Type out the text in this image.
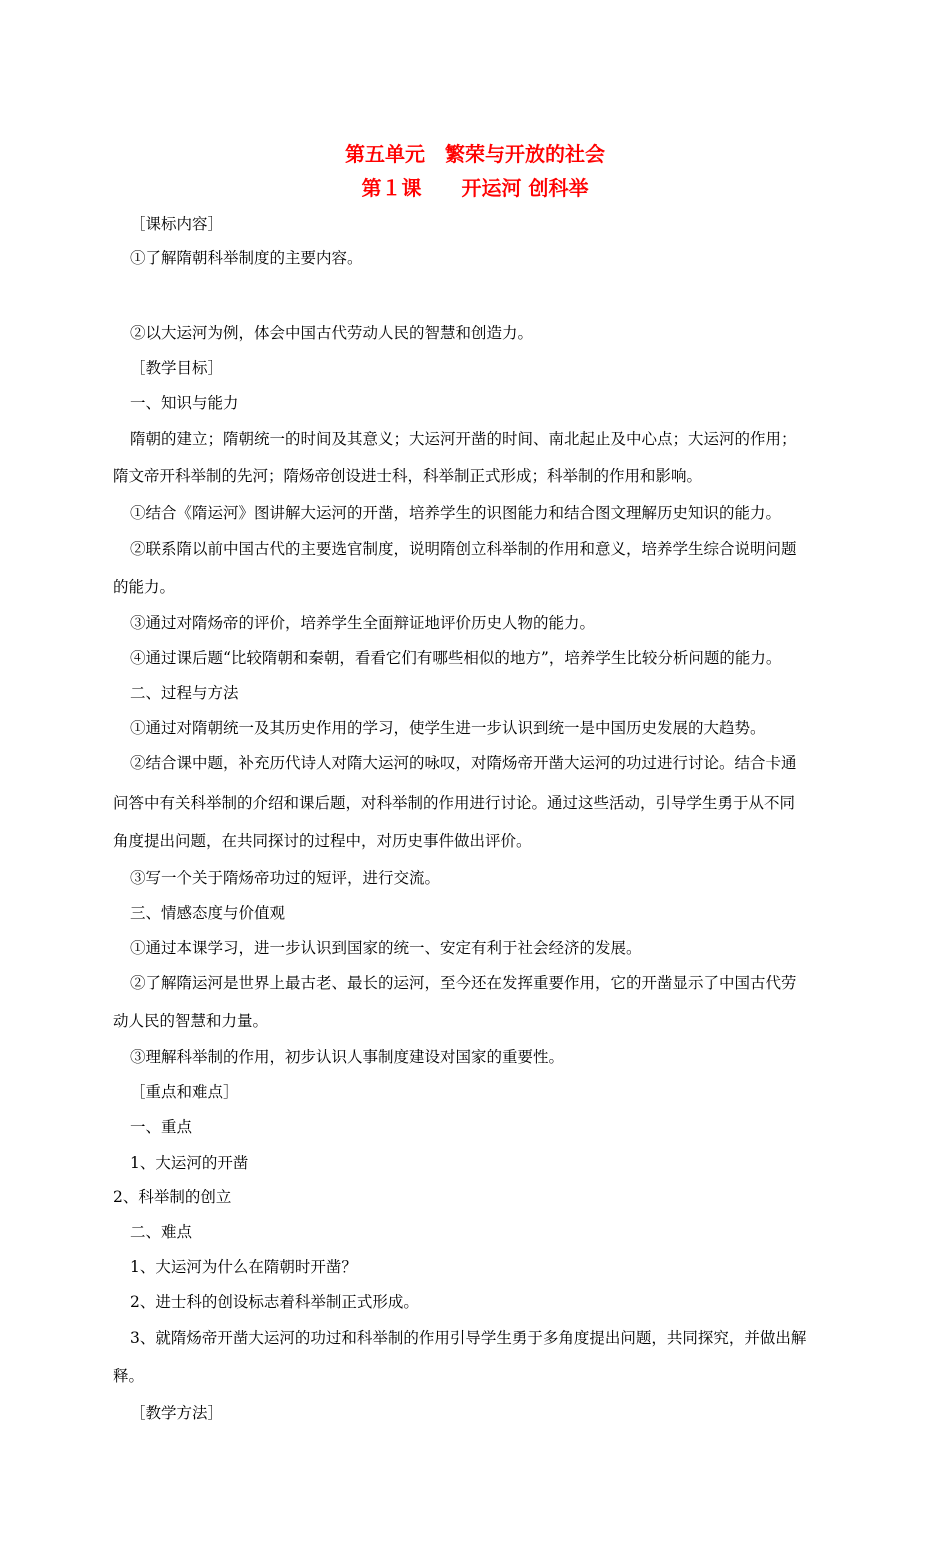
第五单元　繁荣与开放的社会
第１课　　开运河 创科举
［课标内容］
①了解隋朝科举制度的主要内容。
②以大运河为例，体会中国古代劳动人民的智慧和创造力。
［教学目标］
一、知识与能力
隋朝的建立；隋朝统一的时间及其意义；大运河开凿的时间、南北起止及中心点；大运河的作用；
隋文帝开科举制的先河；隋炀帝创设进士科，科举制正式形成；科举制的作用和影响。
①结合《隋运河》图讲解大运河的开凿，培养学生的识图能力和结合图文理解历史知识的能力。
②联系隋以前中国古代的主要选官制度，说明隋创立科举制的作用和意义，培养学生综合说明问题
的能力。
③通过对隋炀帝的评价，培养学生全面辩证地评价历史人物的能力。
④通过课后题“比较隋朝和秦朝，看看它们有哪些相似的地方”，培养学生比较分析问题的能力。
二、过程与方法
①通过对隋朝统一及其历史作用的学习，使学生进一步认识到统一是中国历史发展的大趋势。
②结合课中题，补充历代诗人对隋大运河的咏叹，对隋炀帝开凿大运河的功过进行讨论。结合卡通
问答中有关科举制的介绍和课后题，对科举制的作用进行讨论。通过这些活动，引导学生勇于从不同
角度提出问题，在共同探讨的过程中，对历史事件做出评价。
③写一个关于隋炀帝功过的短评，进行交流。
三、情感态度与价值观
①通过本课学习，进一步认识到国家的统一、安定有利于社会经济的发展。
②了解隋运河是世界上最古老、最长的运河，至今还在发挥重要作用，它的开凿显示了中国古代劳
动人民的智慧和力量。
③理解科举制的作用，初步认识人事制度建设对国家的重要性。
［重点和难点］
一、重点
1、大运河的开凿
2、科举制的创立
二、难点
1、大运河为什么在隋朝时开凿？
2、进士科的创设标志着科举制正式形成。
3、就隋炀帝开凿大运河的功过和科举制的作用引导学生勇于多角度提出问题，共同探究，并做出解
释。
［教学方法］
